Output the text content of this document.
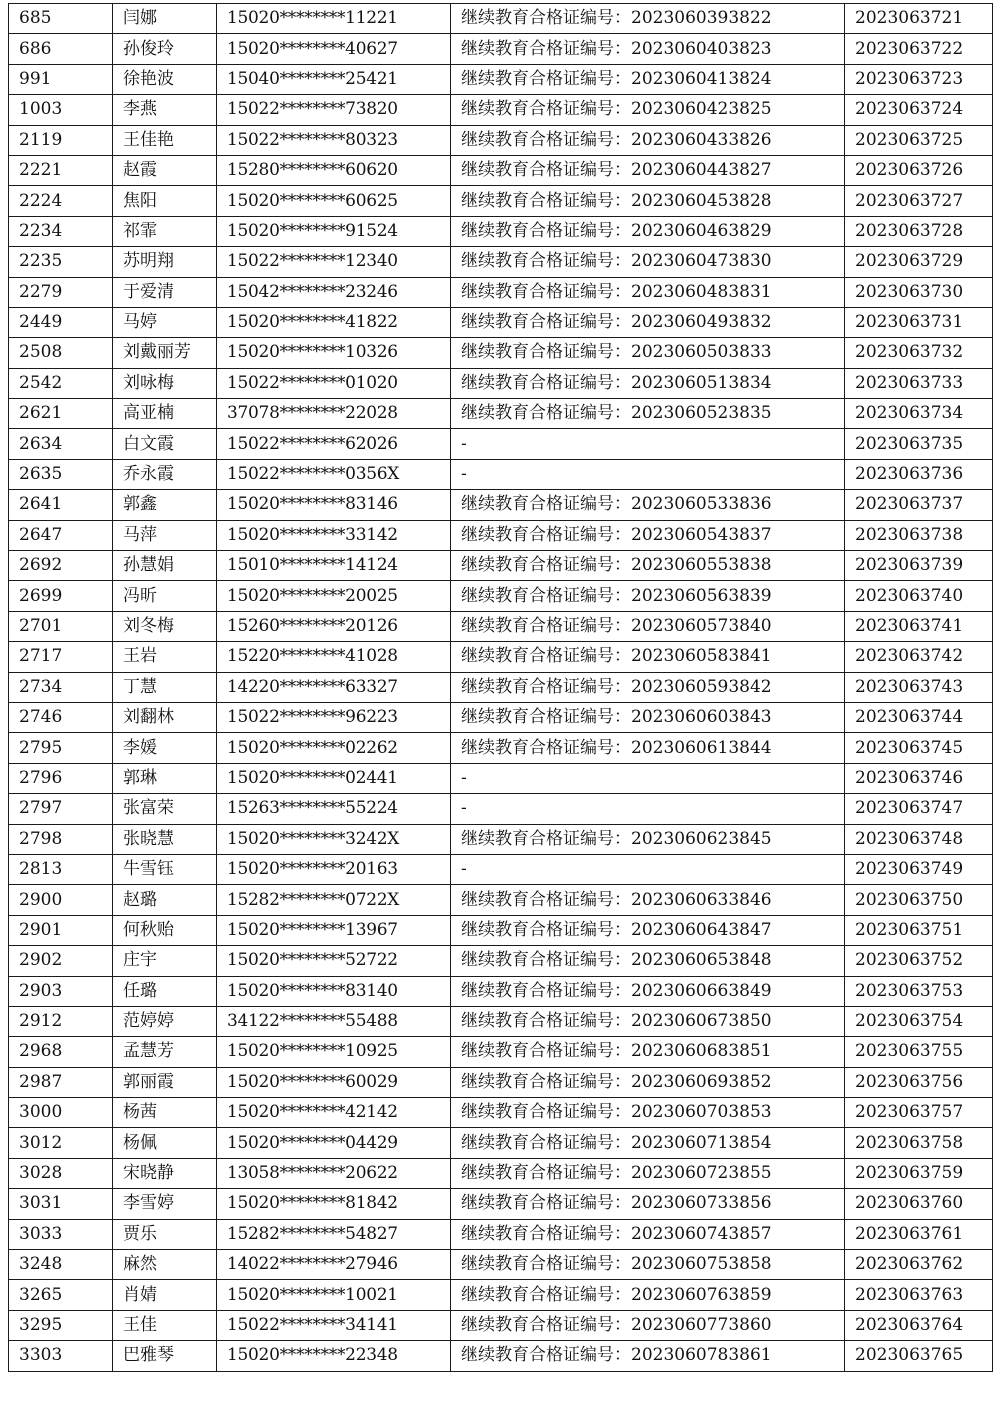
685	闫娜	15020********11221	继续教育合格证编号：2023060393822	2023063721
686	孙俊玲	15020********40627	继续教育合格证编号：2023060403823	2023063722
991	徐艳波	15040********25421	继续教育合格证编号：2023060413824	2023063723
1003	李燕	15022********73820	继续教育合格证编号：2023060423825	2023063724
2119	王佳艳	15022********80323	继续教育合格证编号：2023060433826	2023063725
2221	赵霞	15280********60620	继续教育合格证编号：2023060443827	2023063726
2224	焦阳	15020********60625	继续教育合格证编号：2023060453828	2023063727
2234	祁霏	15020********91524	继续教育合格证编号：2023060463829	2023063728
2235	苏明翔	15022********12340	继续教育合格证编号：2023060473830	2023063729
2279	于爱清	15042********23246	继续教育合格证编号：2023060483831	2023063730
2449	马婷	15020********41822	继续教育合格证编号：2023060493832	2023063731
2508	刘戴丽芳	15020********10326	继续教育合格证编号：2023060503833	2023063732
2542	刘咏梅	15022********01020	继续教育合格证编号：2023060513834	2023063733
2621	高亚楠	37078********22028	继续教育合格证编号：2023060523835	2023063734
2634	白文霞	15022********62026	-	2023063735
2635	乔永霞	15022********0356X	-	2023063736
2641	郭鑫	15020********83146	继续教育合格证编号：2023060533836	2023063737
2647	马萍	15020********33142	继续教育合格证编号：2023060543837	2023063738
2692	孙慧娟	15010********14124	继续教育合格证编号：2023060553838	2023063739
2699	冯昕	15020********20025	继续教育合格证编号：2023060563839	2023063740
2701	刘冬梅	15260********20126	继续教育合格证编号：2023060573840	2023063741
2717	王岩	15220********41028	继续教育合格证编号：2023060583841	2023063742
2734	丁慧	14220********63327	继续教育合格证编号：2023060593842	2023063743
2746	刘翻林	15022********96223	继续教育合格证编号：2023060603843	2023063744
2795	李媛	15020********02262	继续教育合格证编号：2023060613844	2023063745
2796	郭琳	15020********02441	-	2023063746
2797	张富荣	15263********55224	-	2023063747
2798	张晓慧	15020********3242X	继续教育合格证编号：2023060623845	2023063748
2813	牛雪钰	15020********20163	-	2023063749
2900	赵璐	15282********0722X	继续教育合格证编号：2023060633846	2023063750
2901	何秋贻	15020********13967	继续教育合格证编号：2023060643847	2023063751
2902	庄宇	15020********52722	继续教育合格证编号：2023060653848	2023063752
2903	任璐	15020********83140	继续教育合格证编号：2023060663849	2023063753
2912	范婷婷	34122********55488	继续教育合格证编号：2023060673850	2023063754
2968	孟慧芳	15020********10925	继续教育合格证编号：2023060683851	2023063755
2987	郭丽霞	15020********60029	继续教育合格证编号：2023060693852	2023063756
3000	杨茜	15020********42142	继续教育合格证编号：2023060703853	2023063757
3012	杨佩	15020********04429	继续教育合格证编号：2023060713854	2023063758
3028	宋晓静	13058********20622	继续教育合格证编号：2023060723855	2023063759
3031	李雪婷	15020********81842	继续教育合格证编号：2023060733856	2023063760
3033	贾乐	15282********54827	继续教育合格证编号：2023060743857	2023063761
3248	麻然	14022********27946	继续教育合格证编号：2023060753858	2023063762
3265	肖婧	15020********10021	继续教育合格证编号：2023060763859	2023063763
3295	王佳	15022********34141	继续教育合格证编号：2023060773860	2023063764
3303	巴雅琴	15020********22348	继续教育合格证编号：2023060783861	2023063765
